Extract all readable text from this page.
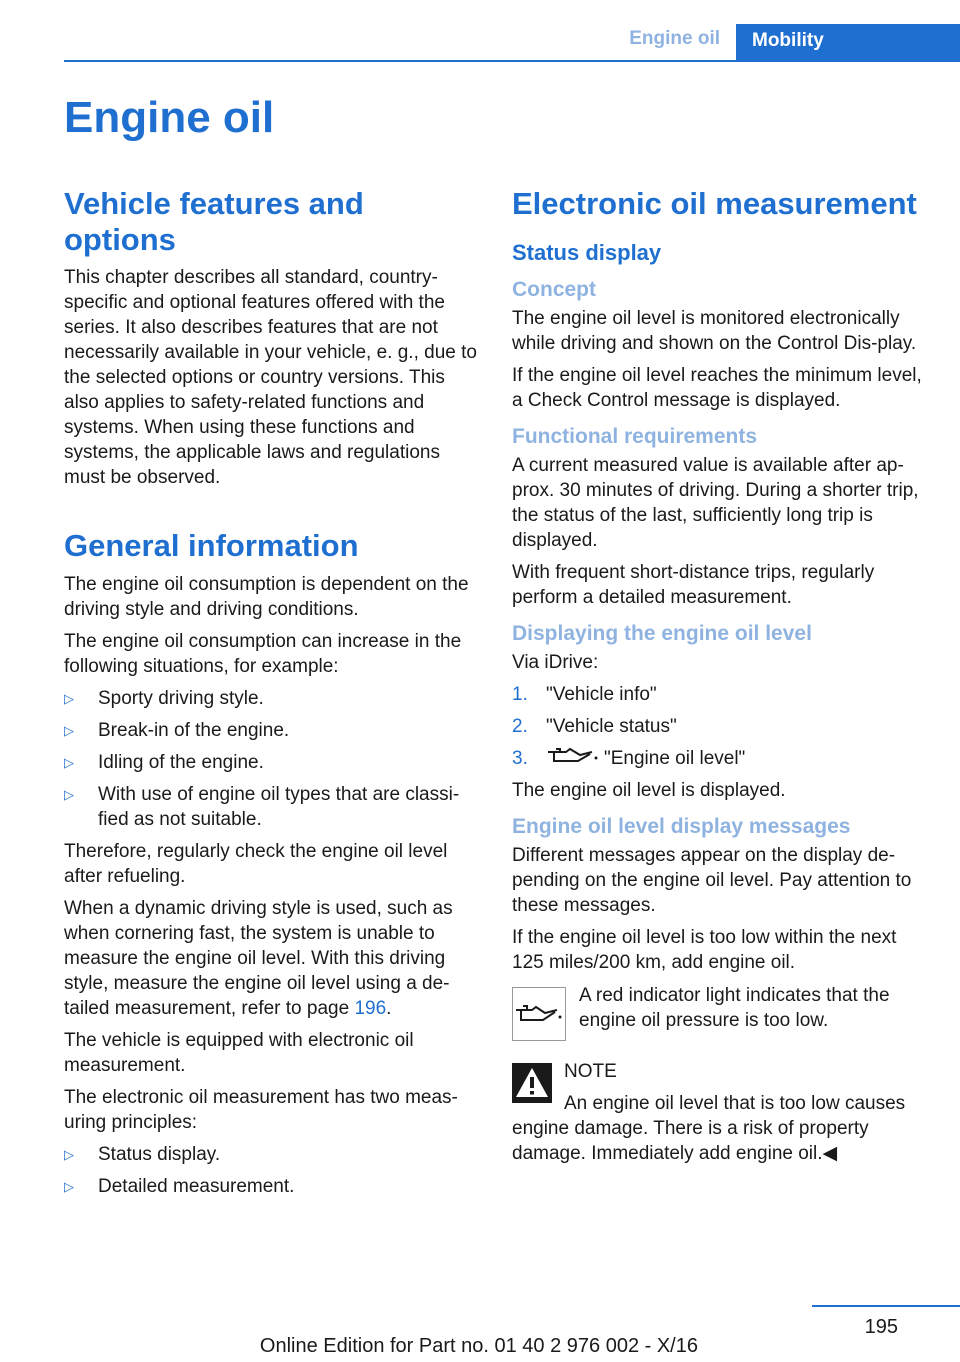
Engine oil	Mobility
Engine oil
Vehicle features and options

This chapter describes all standard, country-specific and optional features offered with the series. It also describes features that are not necessarily available in your vehicle, e. g., due to the selected options or country versions. This also applies to safety-related functions and systems. When using these functions and systems, the applicable laws and regulations must be observed.

General information

The engine oil consumption is dependent on the driving style and driving conditions.

The engine oil consumption can increase in the following situations, for example:

▷ Sporty driving style.
▷ Break-in of the engine.
▷ Idling of the engine.
▷ With use of engine oil types that are classi-fied as not suitable.

Therefore, regularly check the engine oil level after refueling.

When a dynamic driving style is used, such as when cornering fast, the system is unable to measure the engine oil level. With this driving style, measure the engine oil level using a de-tailed measurement, refer to page 196.

The vehicle is equipped with electronic oil measurement.

The electronic oil measurement has two meas-uring principles:

▷ Status display.
▷ Detailed measurement.
Electronic oil measurement
Status display
Concept

The engine oil level is monitored electronically while driving and shown on the Control Dis-play.

If the engine oil level reaches the minimum level, a Check Control message is displayed.

Functional requirements

A current measured value is available after ap-prox. 30 minutes of driving. During a shorter trip, the status of the last, sufficiently long trip is displayed.

With frequent short-distance trips, regularly perform a detailed measurement.

Displaying the engine oil level

Via iDrive:

1. "Vehicle info"
2. "Vehicle status"
3.	"Engine oil level"

The engine oil level is displayed.

Engine oil level display messages

Different messages appear on the display de-pending on the engine oil level. Pay attention to these messages.

If the engine oil level is too low within the next 125 miles/200 km, add engine oil.

A red indicator light indicates that the engine oil pressure is too low.

NOTE

An engine oil level that is too low causes engine damage. There is a risk of property damage. Immediately add engine oil.◀

195
Online Edition for Part no. 01 40 2 976 002 - X/16
